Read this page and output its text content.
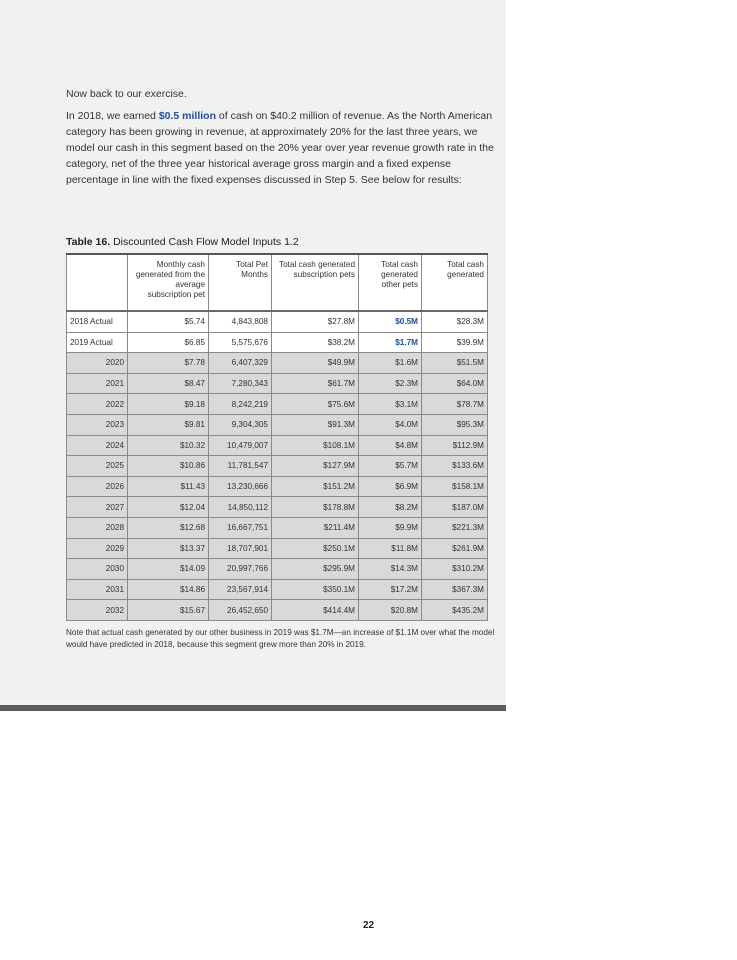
Now back to our exercise.

In 2018, we earned $0.5 million of cash on $40.2 million of revenue. As the North American category has been growing in revenue, at approximately 20% for the last three years, we model our cash in this segment based on the 20% year over year revenue growth rate in the category, net of the three year historical average gross margin and a fixed expense percentage in line with the fixed expenses discussed in Step 5. See below for results:

Table 16. Discounted Cash Flow Model Inputs 1.2
	Monthly cash generated from the average subscription pet	Total Pet Months	Total cash generated subscription pets	Total cash generated other pets	Total cash generated
2018 Actual	$5.74	4,843,808	$27.8M	$0.5M	$28.3M
2019 Actual	$6.85	5,575,676	$38.2M	$1.7M	$39.9M
2020	$7.78	6,407,329	$49.9M	$1.6M	$51.5M
2021	$8.47	7,280,343	$61.7M	$2.3M	$64.0M
2022	$9.18	8,242,219	$75.6M	$3.1M	$78.7M
2023	$9.81	9,304,305	$91.3M	$4.0M	$95.3M
2024	$10.32	10,479,007	$108.1M	$4.8M	$112.9M
2025	$10.86	11,781,547	$127.9M	$5.7M	$133.6M
2026	$11.43	13,230,666	$151.2M	$6.9M	$158.1M
2027	$12.04	14,850,112	$178.8M	$8.2M	$187.0M
2028	$12.68	16,667,751	$211.4M	$9.9M	$221.3M
2029	$13.37	18,707,901	$250.1M	$11.8M	$261.9M
2030	$14.09	20,997,766	$295.9M	$14.3M	$310.2M
2031	$14.86	23,567,914	$350.1M	$17.2M	$367.3M
2032	$15.67	26,452,650	$414.4M	$20.8M	$435.2M

Note that actual cash generated by our other business in 2019 was $1.7M—an increase of $1.1M over what the model would have predicted in 2018, because this segment grew more than 20% in 2019.

22
